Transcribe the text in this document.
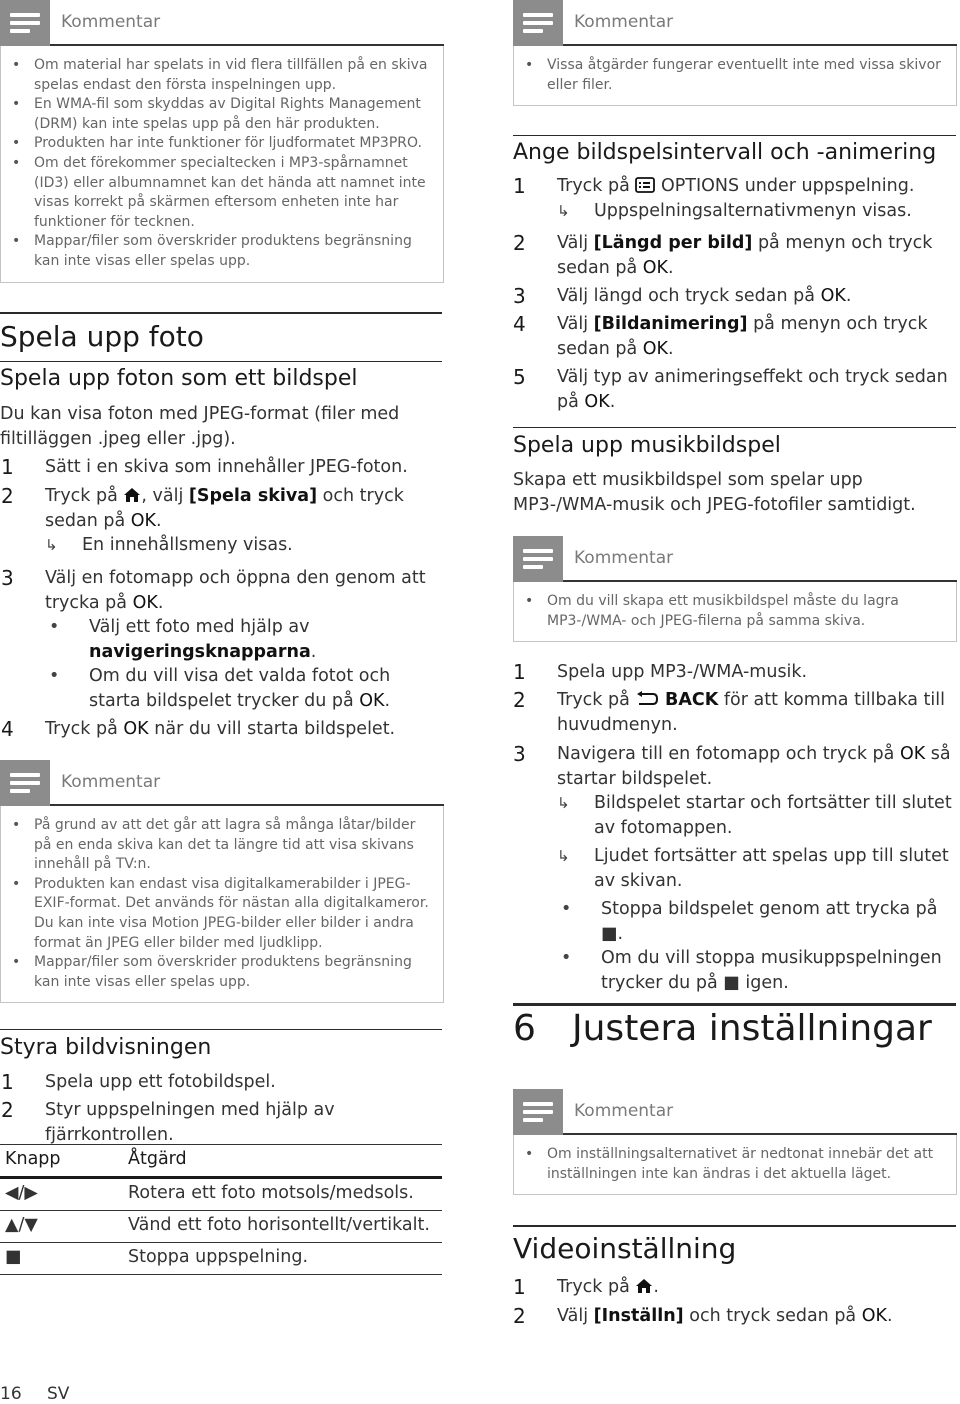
Kommentar
• Om material har spelats in vid flera tillfällen på en skiva spelas endast den första inspelningen upp.
• En WMA-fil som skyddas av Digital Rights Management (DRM) kan inte spelas upp på den här produkten.
• Produkten har inte funktioner för ljudformatet MP3PRO.
• Om det förekommer specialtecken i MP3-spårnamnet (ID3) eller albumnamnet kan det hända att namnet inte visas korrekt på skärmen eftersom enheten inte har funktioner för tecknen.
• Mappar/filer som överskrider produktens begränsning kan inte visas eller spelas upp.
Spela upp foto
Spela upp foton som ett bildspel
Du kan visa foton med JPEG-format (filer med filtilläggen .jpeg eller .jpg).
1 Sätt i en skiva som innehåller JPEG-foton.
2 Tryck på , välj [Spela skiva] och tryck sedan på OK.
↳ En innehållsmeny visas.
3 Välj en fotomapp och öppna den genom att trycka på OK.
• Välj ett foto med hjälp av navigeringsknapparna.
• Om du vill visa det valda fotot och starta bildspelet trycker du på OK.
4 Tryck på OK när du vill starta bildspelet.
Kommentar
• På grund av att det går att lagra så många låtar/bilder på en enda skiva kan det ta längre tid att visa skivans innehåll på TV:n.
• Produkten kan endast visa digitalkamerabilder i JPEG-EXIF-format. Det används för nästan alla digitalkameror. Du kan inte visa Motion JPEG-bilder eller bilder i andra format än JPEG eller bilder med ljudklipp.
• Mappar/filer som överskrider produktens begränsning kan inte visas eller spelas upp.
Styra bildvisningen
1 Spela upp ett fotobildspel.
2 Styr uppspelningen med hjälp av fjärrkontrollen.
Knapp	Åtgärd
◀/▶	Rotera ett foto motsols/medsols.
▲/▼	Vänd ett foto horisontellt/vertikalt.
■	Stoppa uppspelning.
Kommentar
• Vissa åtgärder fungerar eventuellt inte med vissa skivor eller filer.
Ange bildspelsintervall och -animering
1 Tryck på OPTIONS under uppspelning.
↳ Uppspelningsalternativmenyn visas.
2 Välj [Längd per bild] på menyn och tryck sedan på OK.
3 Välj längd och tryck sedan på OK.
4 Välj [Bildanimering] på menyn och tryck sedan på OK.
5 Välj typ av animeringseffekt och tryck sedan på OK.
Spela upp musikbildspel
Skapa ett musikbildspel som spelar upp MP3-/WMA-musik och JPEG-fotofiler samtidigt.
Kommentar
• Om du vill skapa ett musikbildspel måste du lagra MP3-/WMA- och JPEG-filerna på samma skiva.
1 Spela upp MP3-/WMA-musik.
2 Tryck på BACK för att komma tillbaka till huvudmenyn.
3 Navigera till en fotomapp och tryck på OK så startar bildspelet.
↳ Bildspelet startar och fortsätter till slutet av fotomappen.
↳ Ljudet fortsätter att spelas upp till slutet av skivan.
• Stoppa bildspelet genom att trycka på ■.
• Om du vill stoppa musikuppspelningen trycker du på ■ igen.
6 Justera inställningar
Kommentar
• Om inställningsalternativet är nedtonat innebär det att inställningen inte kan ändras i det aktuella läget.
Videoinställning
1 Tryck på .
2 Välj [Inställn] och tryck sedan på OK.
16 SV
